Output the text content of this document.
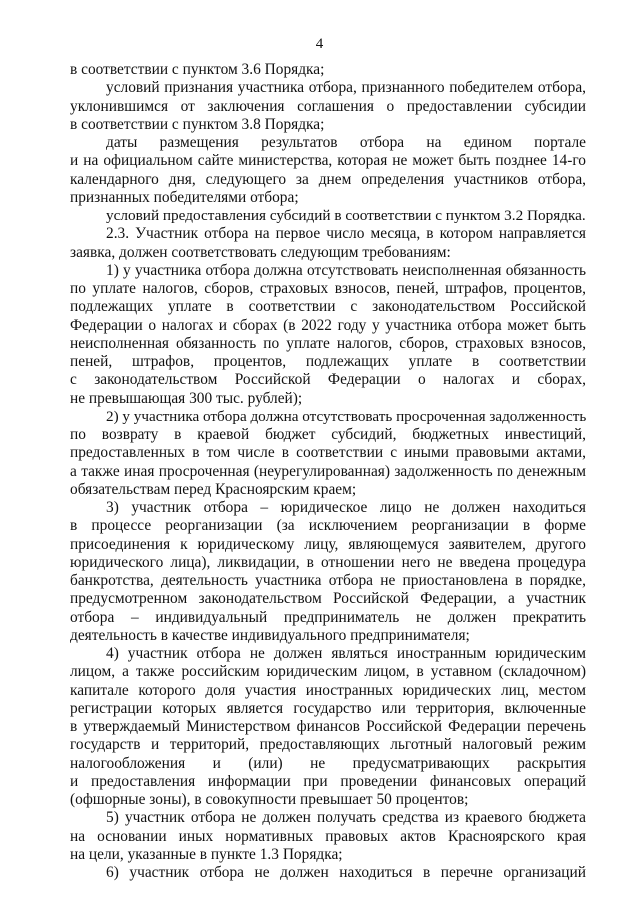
4
в соответствии с пунктом 3.6 Порядка;
условий признания участника отбора, признанного победителем отбора,
уклонившимся от заключения соглашения о предоставлении субсидии
в соответствии с пунктом 3.8 Порядка;
даты размещения результатов отбора на едином портале
и на официальном сайте министерства, которая не может быть позднее 14-го
календарного дня, следующего за днем определения участников отбора,
признанных победителями отбора;
условий предоставления субсидий в соответствии с пунктом 3.2 Порядка.
2.3. Участник отбора на первое число месяца, в котором направляется
заявка, должен соответствовать следующим требованиям:
1) у участника отбора должна отсутствовать неисполненная обязанность
по уплате налогов, сборов, страховых взносов, пеней, штрафов, процентов,
подлежащих уплате в соответствии с законодательством Российской
Федерации о налогах и сборах (в 2022 году у участника отбора может быть
неисполненная обязанность по уплате налогов, сборов, страховых взносов,
пеней, штрафов, процентов, подлежащих уплате в соответствии
с законодательством Российской Федерации о налогах и сборах,
не превышающая 300 тыс. рублей);
2) у участника отбора должна отсутствовать просроченная задолженность
по возврату в краевой бюджет субсидий, бюджетных инвестиций,
предоставленных в том числе в соответствии с иными правовыми актами,
а также иная просроченная (неурегулированная) задолженность по денежным
обязательствам перед Красноярским краем;
3) участник отбора – юридическое лицо не должен находиться
в процессе реорганизации (за исключением реорганизации в форме
присоединения к юридическому лицу, являющемуся заявителем, другого
юридического лица), ликвидации, в отношении него не введена процедура
банкротства, деятельность участника отбора не приостановлена в порядке,
предусмотренном законодательством Российской Федерации, а участник
отбора – индивидуальный предприниматель не должен прекратить
деятельность в качестве индивидуального предпринимателя;
4) участник отбора не должен являться иностранным юридическим
лицом, а также российским юридическим лицом, в уставном (складочном)
капитале которого доля участия иностранных юридических лиц, местом
регистрации которых является государство или территория, включенные
в утверждаемый Министерством финансов Российской Федерации перечень
государств и территорий, предоставляющих льготный налоговый режим
налогообложения и (или) не предусматривающих раскрытия
и предоставления информации при проведении финансовых операций
(офшорные зоны), в совокупности превышает 50 процентов;
5) участник отбора не должен получать средства из краевого бюджета
на основании иных нормативных правовых актов Красноярского края
на цели, указанные в пункте 1.3 Порядка;
6) участник отбора не должен находиться в перечне организаций
